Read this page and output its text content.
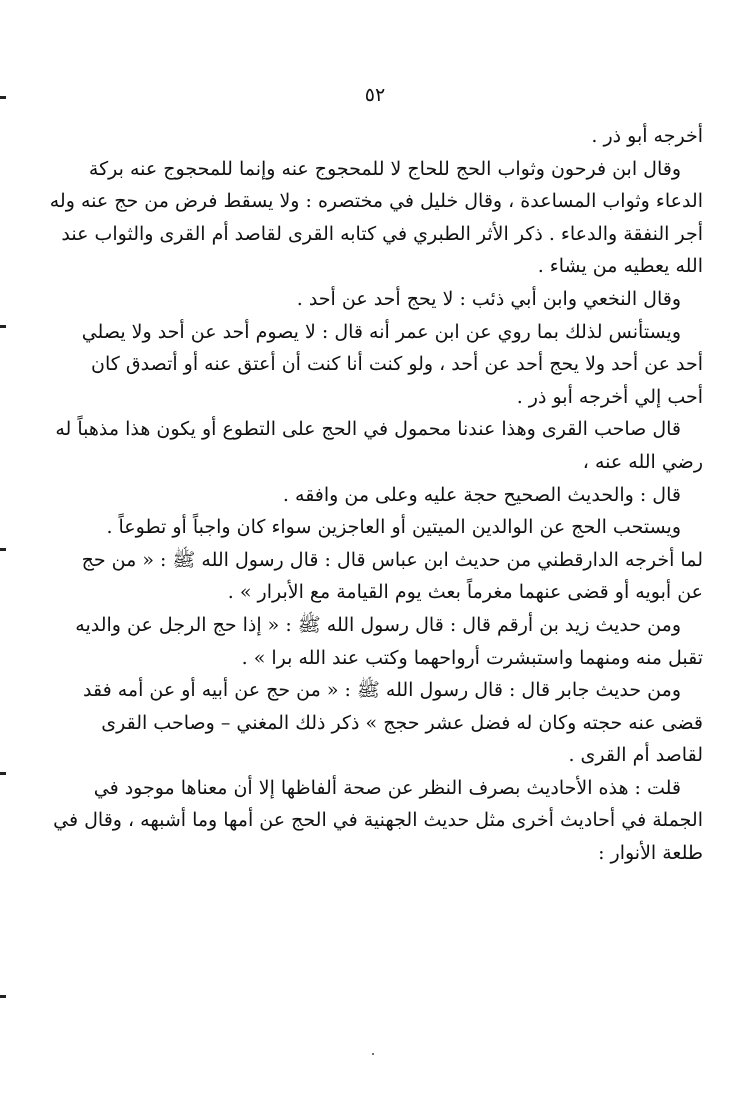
٥٢
أخرجه أبو ذر .
وقال ابن فرحون وثواب الحج للحاج لا للمحجوج عنه وإنما للمحجوج عنه بركة
الدعاء وثواب المساعدة ، وقال خليل في مختصره : ولا يسقط فرض من حج عنه وله
أجر النفقة والدعاء . ذكر الأثر الطبري في كتابه القرى لقاصد أم القرى والثواب عند
الله يعطيه من يشاء .
وقال النخعي وابن أبي ذئب : لا يحج أحد عن أحد .
ويستأنس لذلك بما روي عن ابن عمر أنه قال : لا يصوم أحد عن أحد ولا يصلي
أحد عن أحد ولا يحج أحد عن أحد ، ولو كنت أنا كنت أن أعتق عنه أو أتصدق كان
أحب إلي أخرجه أبو ذر .
قال صاحب القرى وهذا عندنا محمول في الحج على التطوع أو يكون هذا مذهباً له
رضي الله عنه ،
قال : والحديث الصحيح حجة عليه وعلى من وافقه .
ويستحب الحج عن الوالدين الميتين أو العاجزين سواء كان واجباً أو تطوعاً .
لما أخرجه الدارقطني من حديث ابن عباس قال : قال رسول الله ﷺ : « من حج
عن أبويه أو قضى عنهما مغرماً بعث يوم القيامة مع الأبرار » .
ومن حديث زيد بن أرقم قال : قال رسول الله ﷺ : « إذا حج الرجل عن والديه
تقبل منه ومنهما واستبشرت أرواحهما وكتب عند الله برا » .
ومن حديث جابر قال : قال رسول الله ﷺ : « من حج عن أبيه أو عن أمه فقد
قضى عنه حجته وكان له فضل عشر حجج » ذكر ذلك المغني – وصاحب القرى
لقاصد أم القرى .
قلت : هذه الأحاديث بصرف النظر عن صحة ألفاظها إلا أن معناها موجود في
الجملة في أحاديث أخرى مثل حديث الجهنية في الحج عن أمها وما أشبهه ، وقال في
طلعة الأنوار :
